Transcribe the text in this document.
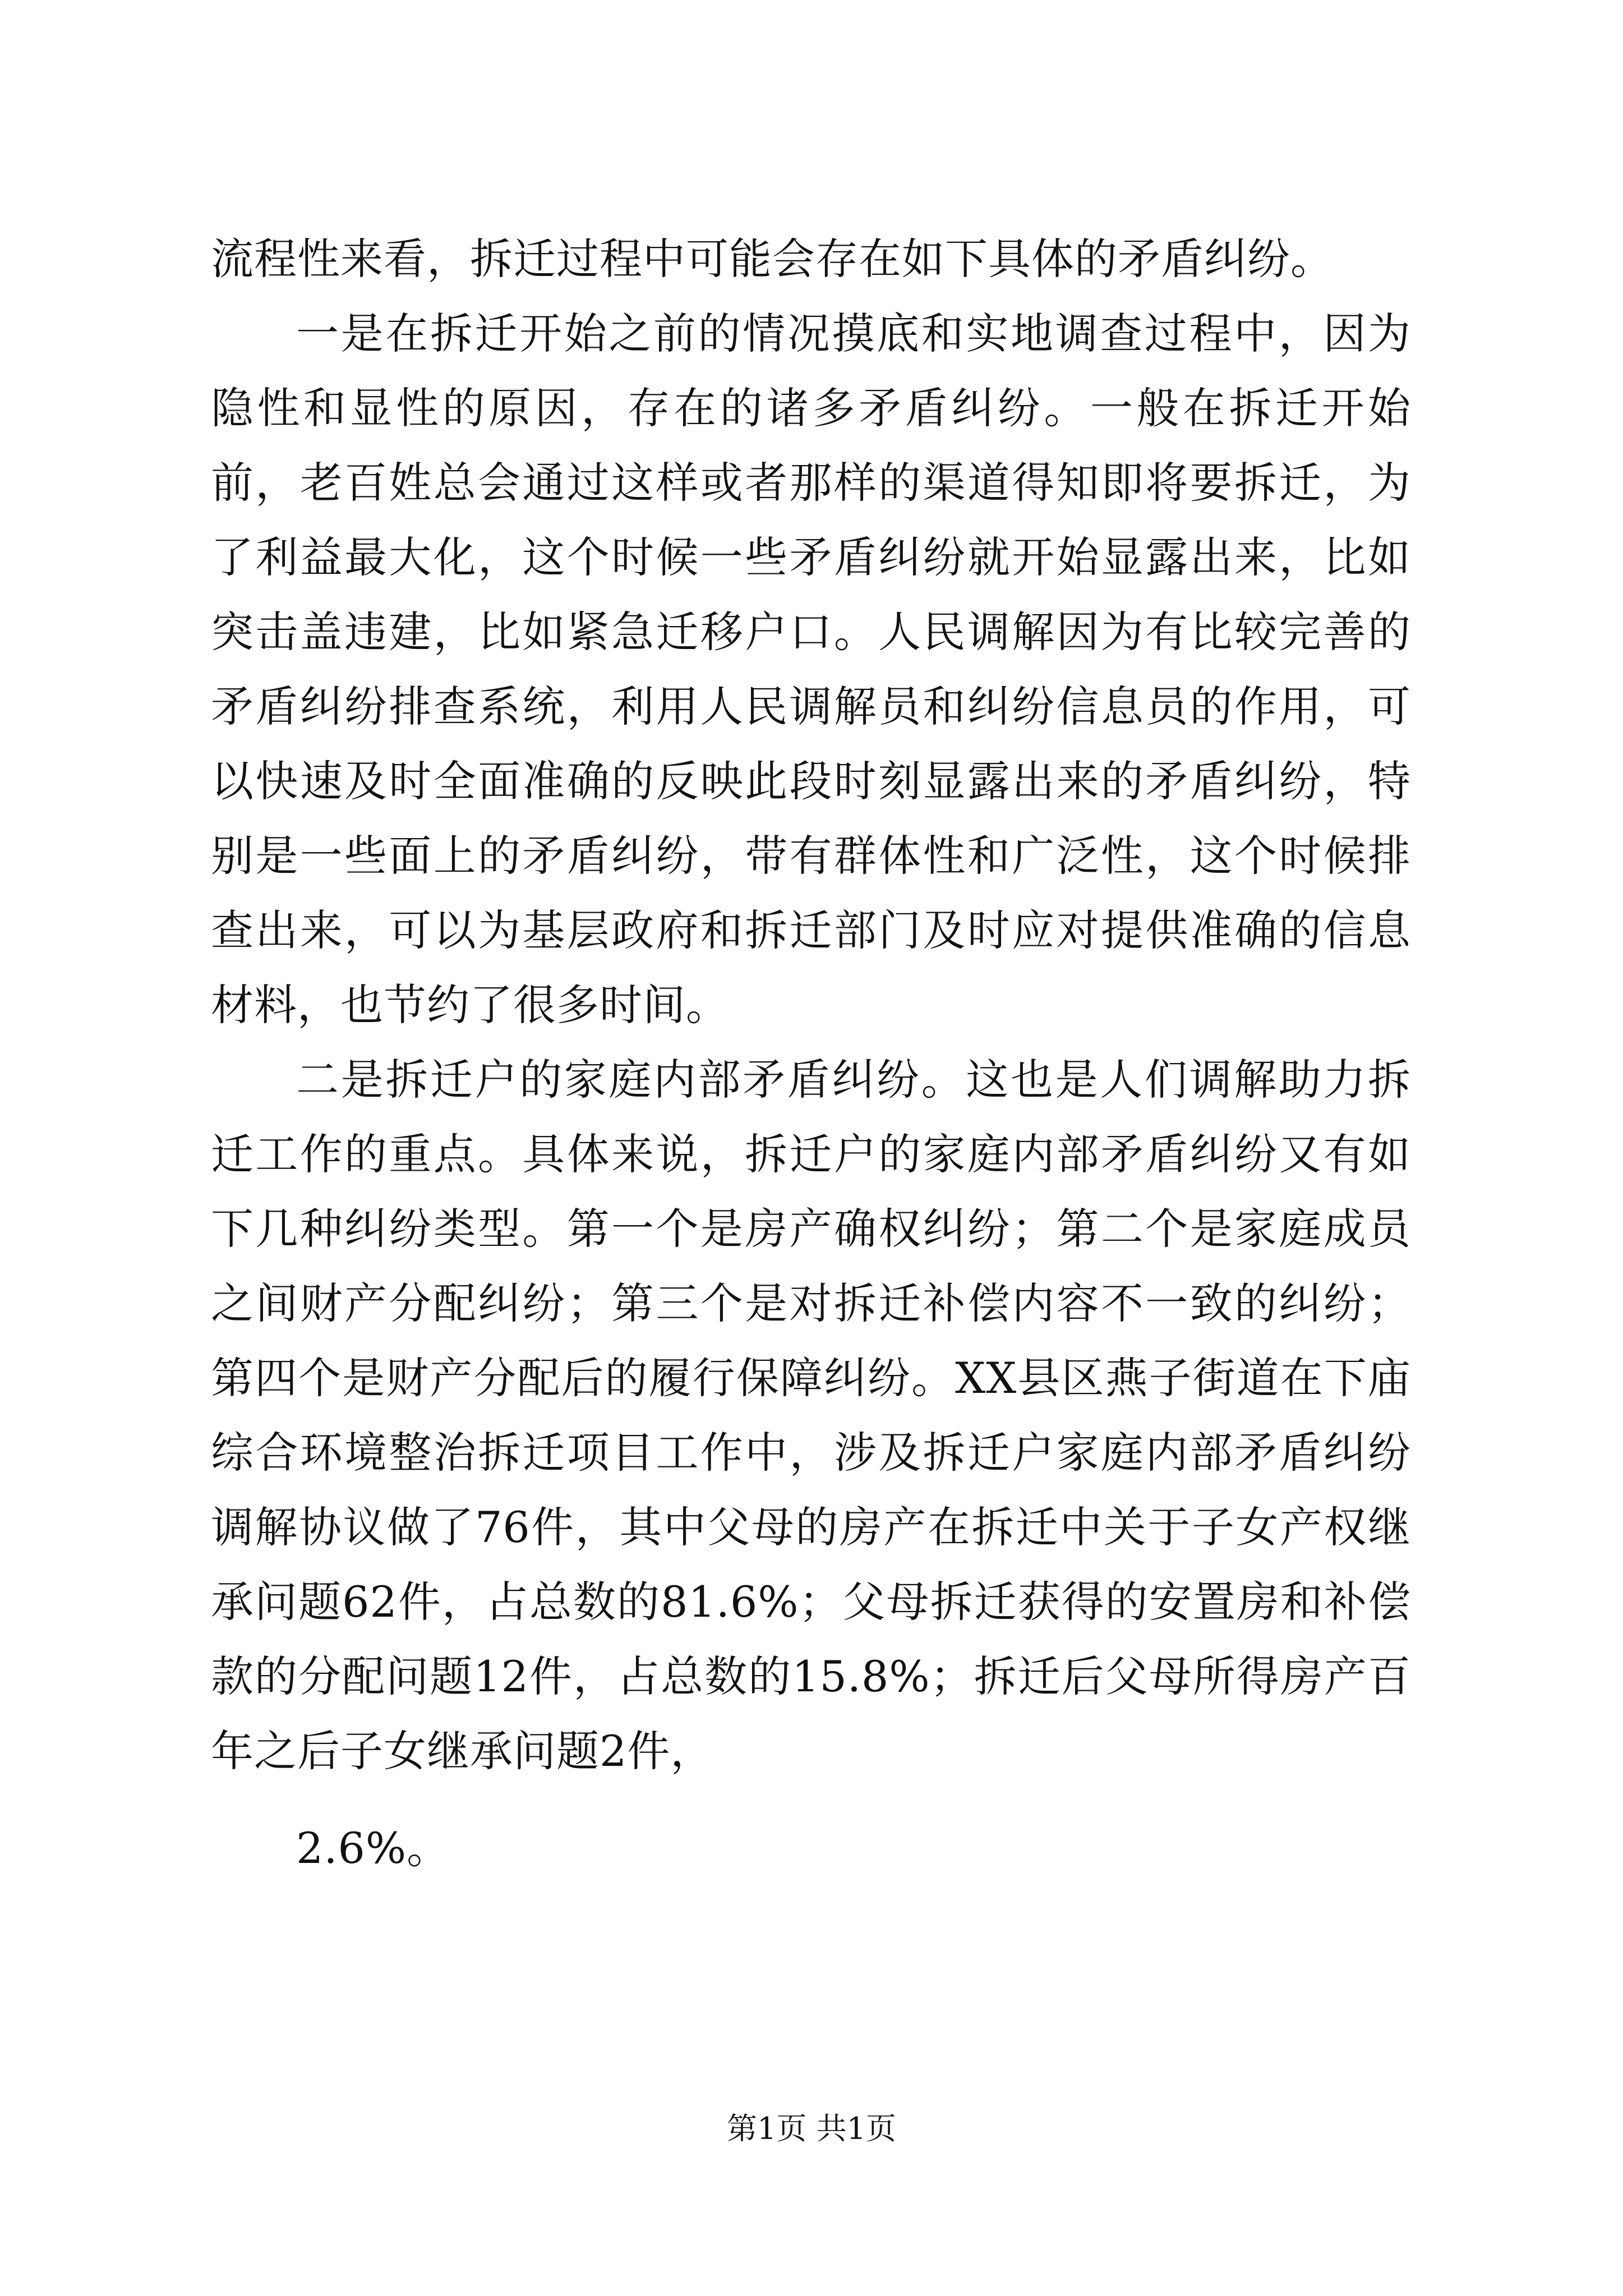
流程性来看，拆迁过程中可能会存在如下具体的矛盾纠纷。

一是在拆迁开始之前的情况摸底和实地调查过程中，因为隐性和显性的原因，存在的诸多矛盾纠纷。一般在拆迁开始前，老百姓总会通过这样或者那样的渠道得知即将要拆迁，为了利益最大化，这个时候一些矛盾纠纷就开始显露出来，比如突击盖违建，比如紧急迁移户口。人民调解因为有比较完善的矛盾纠纷排查系统，利用人民调解员和纠纷信息员的作用，可以快速及时全面准确的反映此段时刻显露出来的矛盾纠纷，特别是一些面上的矛盾纠纷，带有群体性和广泛性，这个时候排查出来，可以为基层政府和拆迁部门及时应对提供准确的信息材料，也节约了很多时间。

二是拆迁户的家庭内部矛盾纠纷。这也是人们调解助力拆迁工作的重点。具体来说，拆迁户的家庭内部矛盾纠纷又有如下几种纠纷类型。第一个是房产确权纠纷；第二个是家庭成员之间财产分配纠纷；第三个是对拆迁补偿内容不一致的纠纷；第四个是财产分配后的履行保障纠纷。XX县区燕子街道在下庙综合环境整治拆迁项目工作中，涉及拆迁户家庭内部矛盾纠纷调解协议做了76件，其中父母的房产在拆迁中关于子女产权继承问题62件，占总数的81.6%；父母拆迁获得的安置房和补偿款的分配问题12件，占总数的15.8%；拆迁后父母所得房产百年之后子女继承问题2件，

2.6%。

第1页 共1页
